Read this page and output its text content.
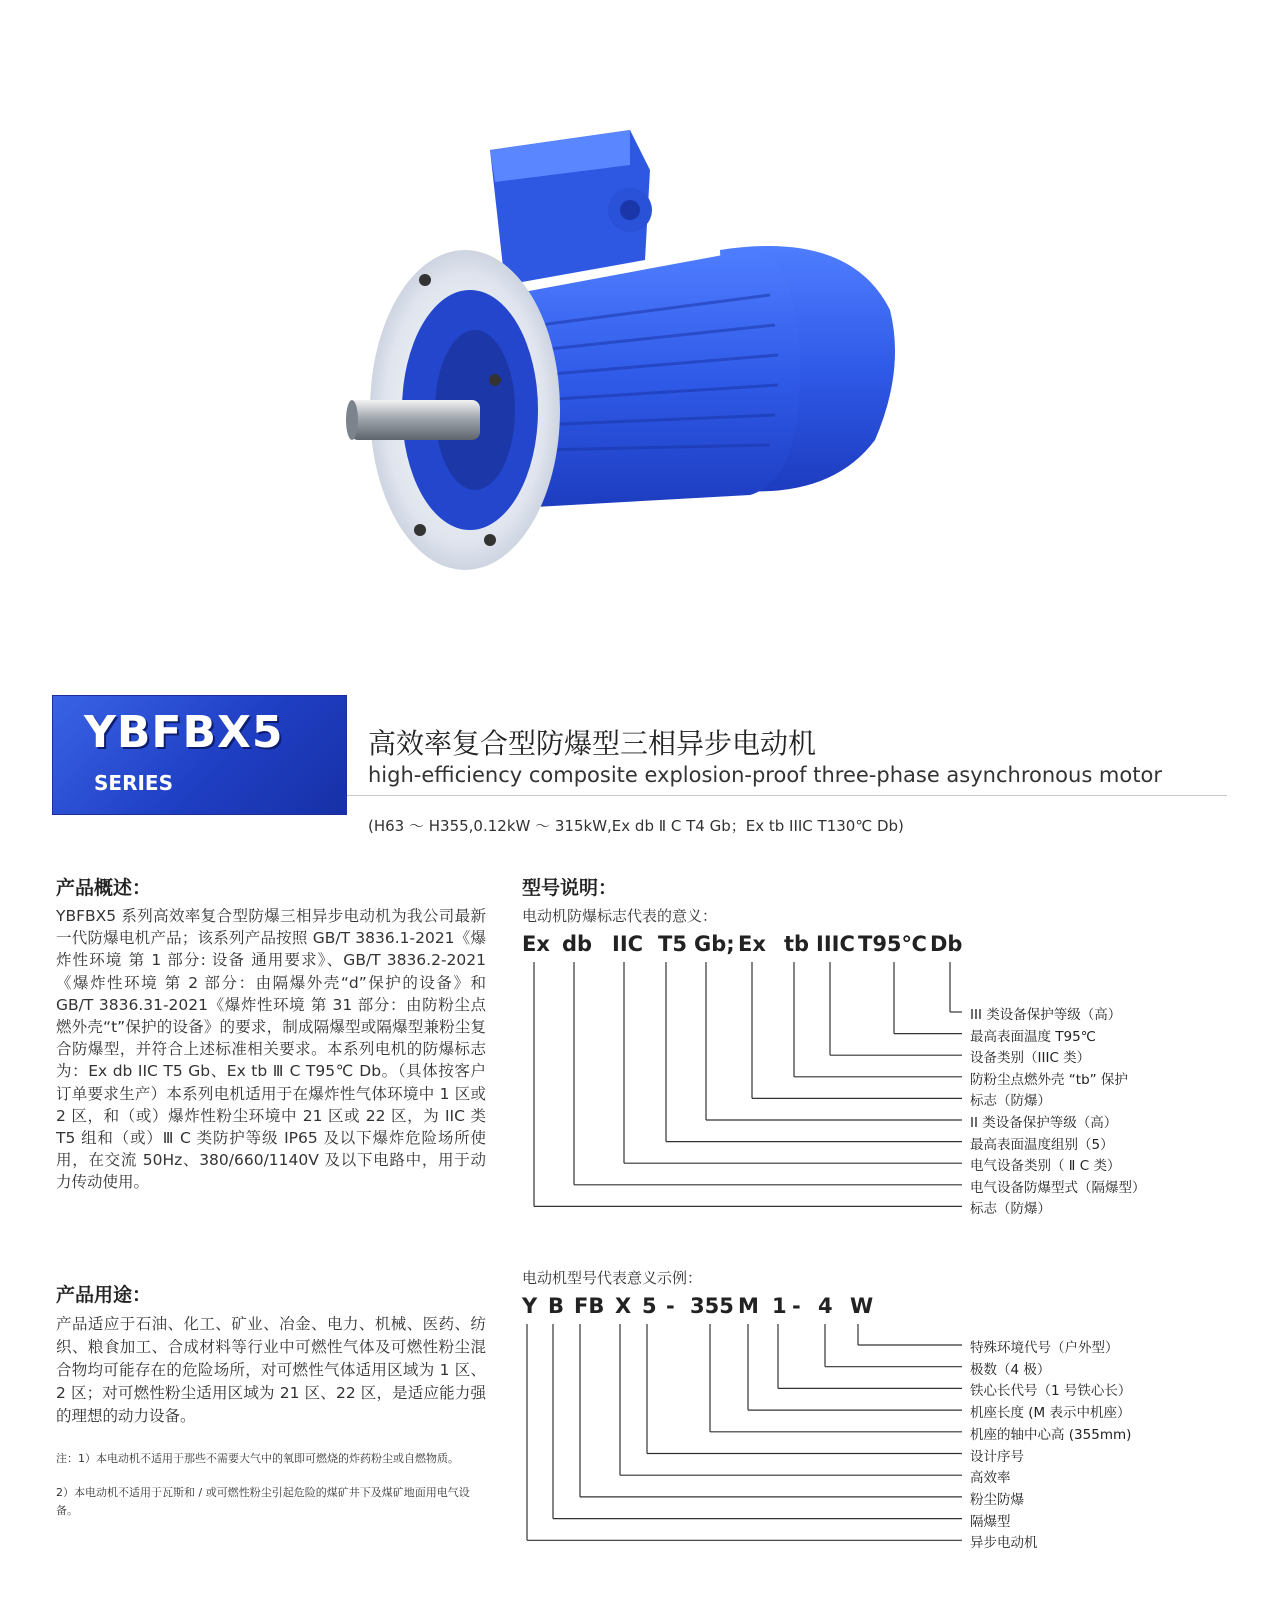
YBFBX5
SERIES
高效率复合型防爆型三相异步电动机
high-efficiency composite explosion-proof three-phase asynchronous motor
(H63 ～ H355,0.12kW ～ 315kW,Ex db Ⅱ C T4 Gb；Ex tb IIIC T130℃ Db)
产品概述：
YBFBX5 系列高效率复合型防爆三相异步电动机为我公司最新一代防爆电机产品；该系列产品按照 GB/T 3836.1-2021《爆炸性环境 第 1 部分: 设备 通用要求》、GB/T 3836.2-2021《爆炸性环境 第 2 部分：由隔爆外壳“d”保护的设备》和 GB/T 3836.31-2021《爆炸性环境 第 31 部分：由防粉尘点燃外壳“t”保护的设备》的要求，制成隔爆型或隔爆型兼粉尘复合防爆型，并符合上述标准相关要求。本系列电机的防爆标志为：Ex db IIC T5 Gb、Ex tb Ⅲ C T95℃ Db。（具体按客户订单要求生产）本系列电机适用于在爆炸性气体环境中 1 区或 2 区，和（或）爆炸性粉尘环境中 21 区或 22 区，为 IIC 类 T5 组和（或）Ⅲ C 类防护等级 IP65 及以下爆炸危险场所使用，在交流 50Hz、380/660/1140V 及以下电路中，用于动力传动使用。
产品用途：
产品适应于石油、化工、矿业、冶金、电力、机械、医药、纺织、粮食加工、合成材料等行业中可燃性气体及可燃性粉尘混合物均可能存在的危险场所，对可燃性气体适用区域为 1 区、2 区；对可燃性粉尘适用区域为 21 区、22 区，是适应能力强的理想的动力设备。
注：1）本电动机不适用于那些不需要大气中的氧即可燃烧的炸药粉尘或自燃物质。
2）本电动机不适用于瓦斯和 / 或可燃性粉尘引起危险的煤矿井下及煤矿地面用电气设备。
型号说明：
电动机防爆标志代表的意义：
电动机型号代表意义示例：
Ex db IIC T5 Gb; Ex tb IIIC T95℃ Db
III 类设备保护等级（高）
最高表面温度 T95℃
设备类别（IIIC 类）
防粉尘点燃外壳 “tb” 保护
标志（防爆）
II 类设备保护等级（高）
最高表面温度组别（5）
电气设备类别（ Ⅱ C 类）
电气设备防爆型式（隔爆型）
标志（防爆）
Y B FB X 5 - 355 M 1 - 4 W
特殊环境代号（户外型）
极数（4 极）
铁心长代号（1 号铁心长）
机座长度 (M 表示中机座）
机座的轴中心高 (355mm)
设计序号
高效率
粉尘防爆
隔爆型
异步电动机
